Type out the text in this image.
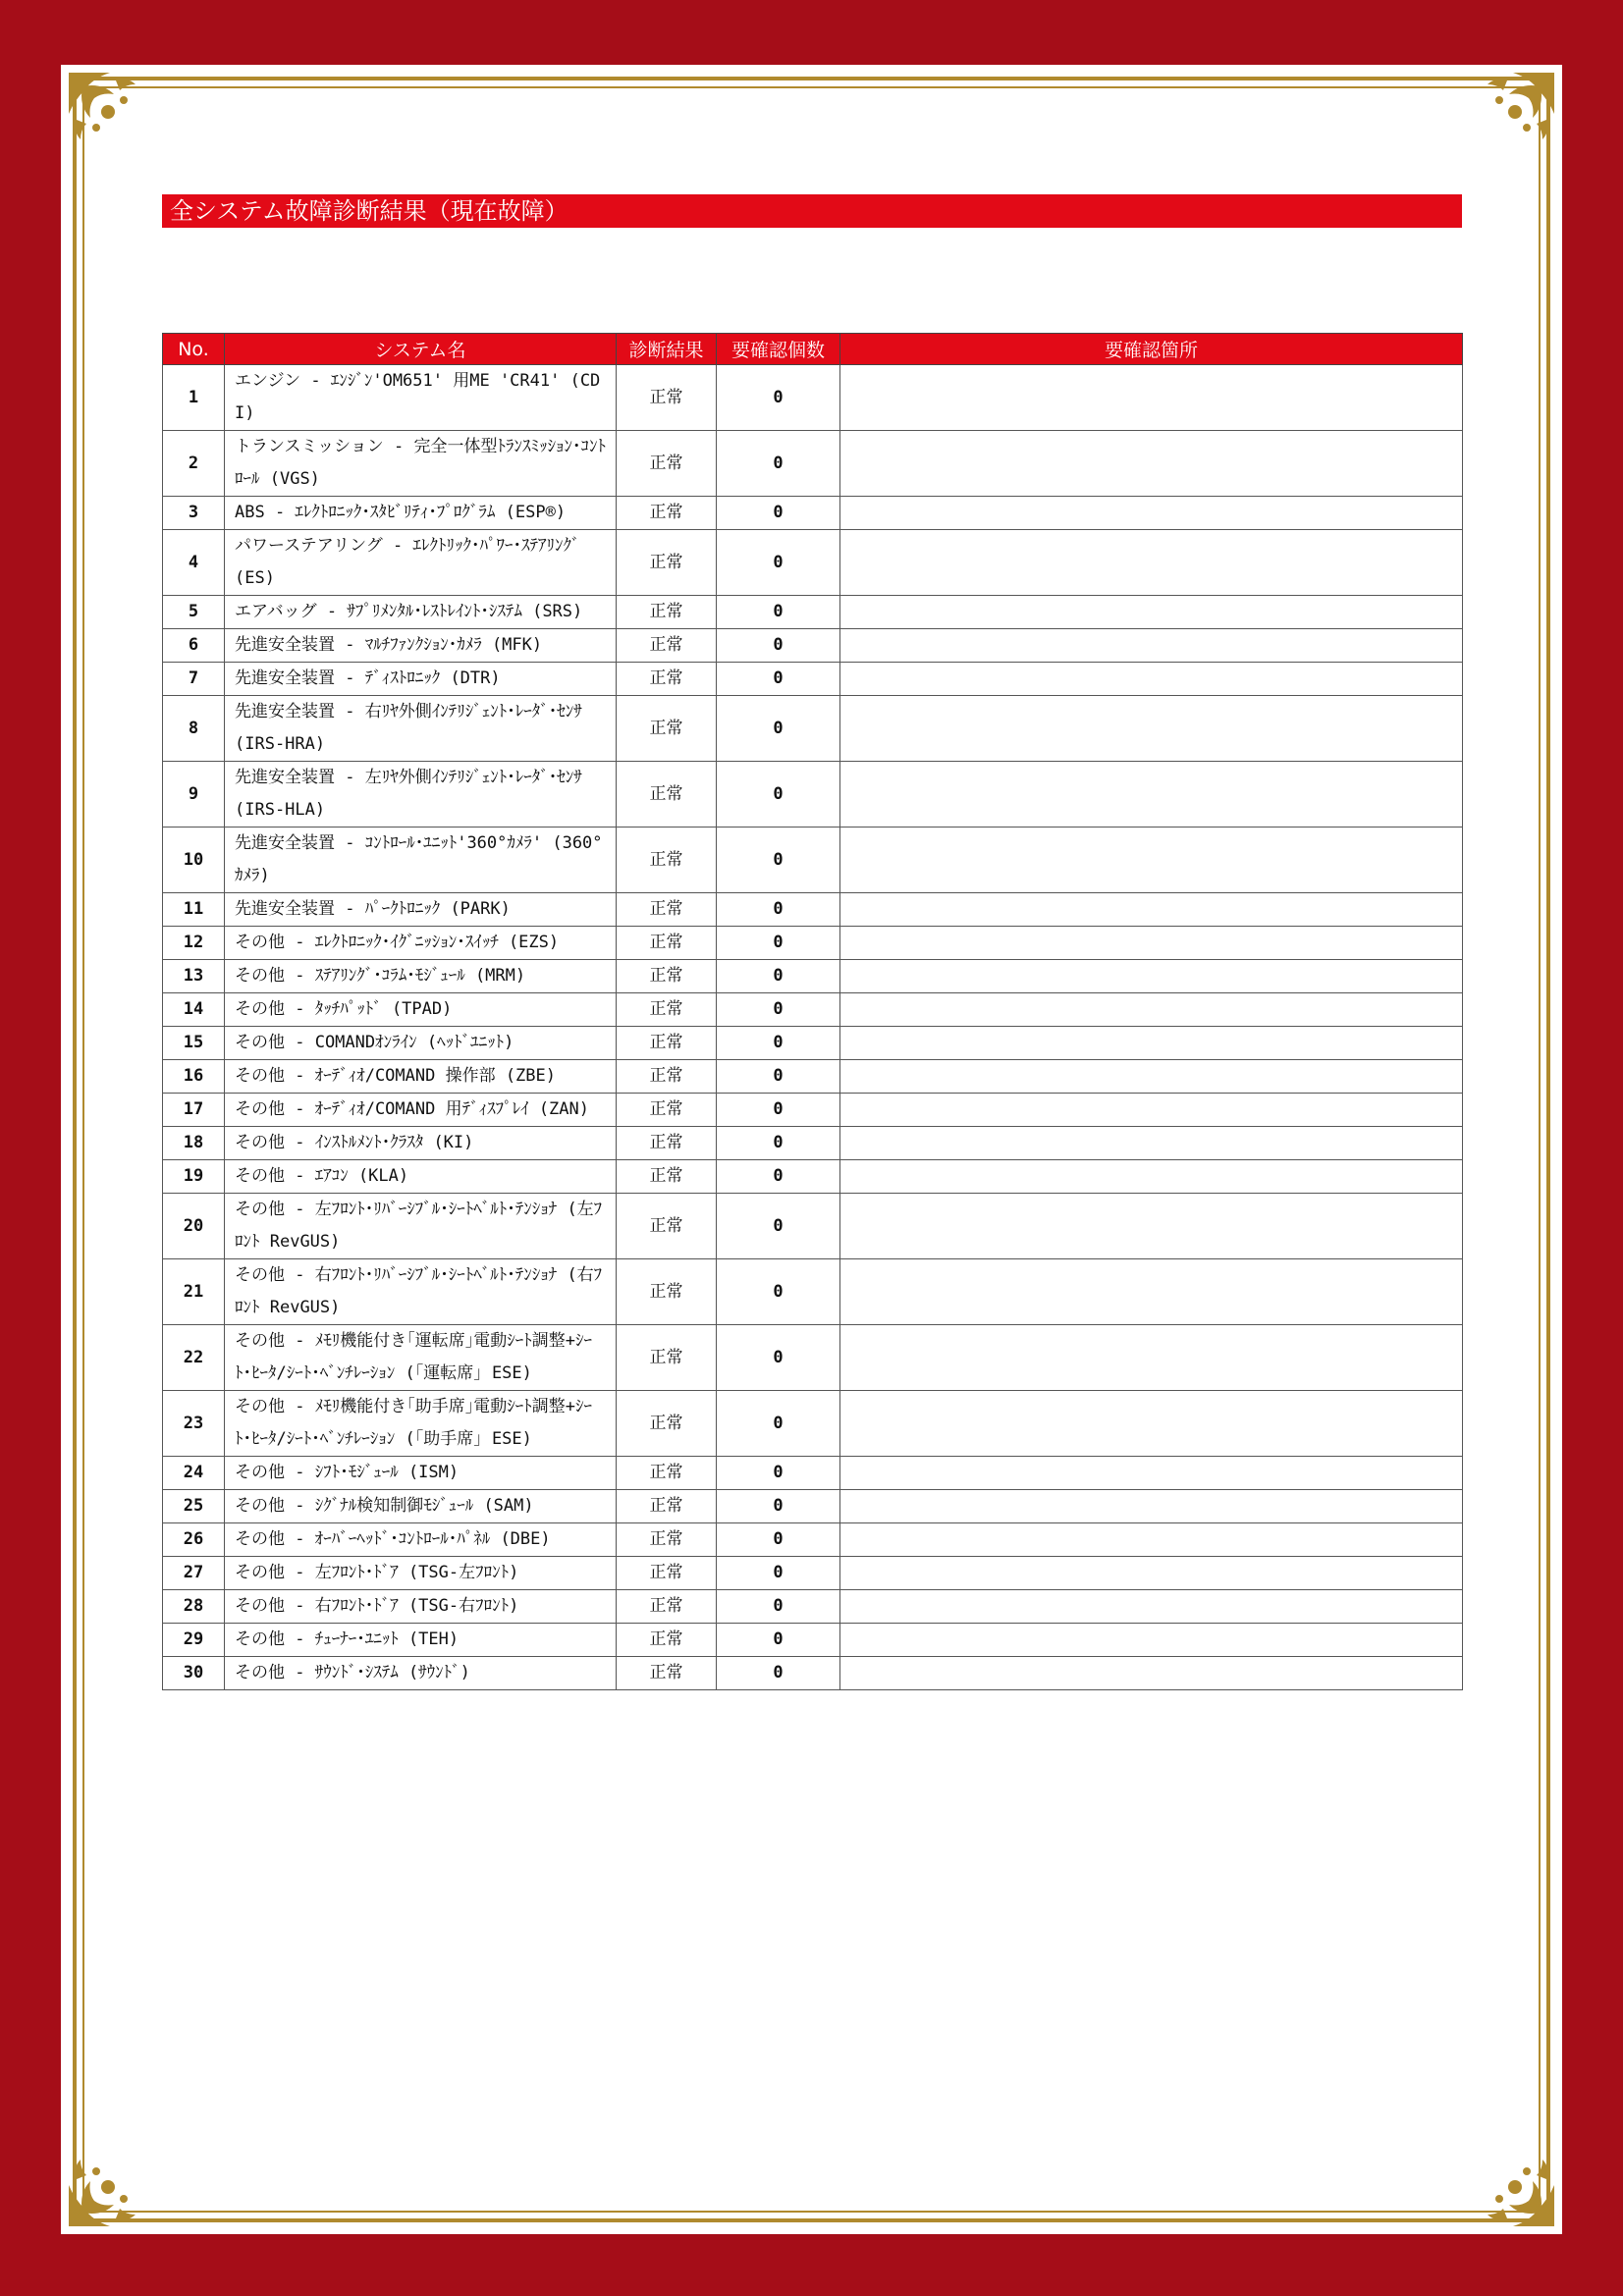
全システム故障診断結果（現在故障）
No.	システム名	診断結果	要確認個数	要確認箇所
1	エンジン - ｴﾝｼﾞﾝ'OM651' 用ME 'CR41' (CDI)	正常	0	
2	トランスミッション - 完全一体型ﾄﾗﾝｽﾐｯｼｮﾝ･ｺﾝﾄﾛｰﾙ (VGS)	正常	0	
3	ABS - ｴﾚｸﾄﾛﾆｯｸ･ｽﾀﾋﾞﾘﾃｨ･ﾌﾟﾛｸﾞﾗﾑ (ESP®)	正常	0	
4	パワーステアリング - ｴﾚｸﾄﾘｯｸ･ﾊﾟﾜｰ･ｽﾃｱﾘﾝｸﾞ (ES)	正常	0	
5	エアバッグ - ｻﾌﾟﾘﾒﾝﾀﾙ･ﾚｽﾄﾚｲﾝﾄ･ｼｽﾃﾑ (SRS)	正常	0	
6	先進安全装置 - ﾏﾙﾁﾌｧﾝｸｼｮﾝ･ｶﾒﾗ (MFK)	正常	0	
7	先進安全装置 - ﾃﾞｨｽﾄﾛﾆｯｸ (DTR)	正常	0	
8	先進安全装置 - 右ﾘﾔ外側ｲﾝﾃﾘｼﾞｪﾝﾄ･ﾚｰﾀﾞ･ｾﾝｻ (IRS-HRA)	正常	0	
9	先進安全装置 - 左ﾘﾔ外側ｲﾝﾃﾘｼﾞｪﾝﾄ･ﾚｰﾀﾞ･ｾﾝｻ (IRS-HLA)	正常	0	
10	先進安全装置 - ｺﾝﾄﾛｰﾙ･ﾕﾆｯﾄ'360°ｶﾒﾗ' (360°ｶﾒﾗ)	正常	0	
11	先進安全装置 - ﾊﾟｰｸﾄﾛﾆｯｸ (PARK)	正常	0	
12	その他 - ｴﾚｸﾄﾛﾆｯｸ･ｲｸﾞﾆｯｼｮﾝ･ｽｲｯﾁ (EZS)	正常	0	
13	その他 - ｽﾃｱﾘﾝｸﾞ･ｺﾗﾑ･ﾓｼﾞｭｰﾙ (MRM)	正常	0	
14	その他 - ﾀｯﾁﾊﾟｯﾄﾞ (TPAD)	正常	0	
15	その他 - COMANDｵﾝﾗｲﾝ (ﾍｯﾄﾞﾕﾆｯﾄ)	正常	0	
16	その他 - ｵｰﾃﾞｨｵ/COMAND 操作部 (ZBE)	正常	0	
17	その他 - ｵｰﾃﾞｨｵ/COMAND 用ﾃﾞｨｽﾌﾟﾚｲ (ZAN)	正常	0	
18	その他 - ｲﾝｽﾄﾙﾒﾝﾄ･ｸﾗｽﾀ (KI)	正常	0	
19	その他 - ｴｱｺﾝ (KLA)	正常	0	
20	その他 - 左ﾌﾛﾝﾄ･ﾘﾊﾞｰｼﾌﾞﾙ･ｼｰﾄﾍﾞﾙﾄ･ﾃﾝｼｮﾅ (左ﾌﾛﾝﾄ RevGUS)	正常	0	
21	その他 - 右ﾌﾛﾝﾄ･ﾘﾊﾞｰｼﾌﾞﾙ･ｼｰﾄﾍﾞﾙﾄ･ﾃﾝｼｮﾅ (右ﾌﾛﾝﾄ RevGUS)	正常	0	
22	その他 - ﾒﾓﾘ機能付き｢運転席｣電動ｼｰﾄ調整+ｼｰﾄ･ﾋｰﾀ/ｼｰﾄ･ﾍﾞﾝﾁﾚｰｼｮﾝ (｢運転席｣ ESE)	正常	0	
23	その他 - ﾒﾓﾘ機能付き｢助手席｣電動ｼｰﾄ調整+ｼｰﾄ･ﾋｰﾀ/ｼｰﾄ･ﾍﾞﾝﾁﾚｰｼｮﾝ (｢助手席｣ ESE)	正常	0	
24	その他 - ｼﾌﾄ･ﾓｼﾞｭｰﾙ (ISM)	正常	0	
25	その他 - ｼｸﾞﾅﾙ検知制御ﾓｼﾞｭｰﾙ (SAM)	正常	0	
26	その他 - ｵｰﾊﾞｰﾍｯﾄﾞ･ｺﾝﾄﾛｰﾙ･ﾊﾟﾈﾙ (DBE)	正常	0	
27	その他 - 左ﾌﾛﾝﾄ･ﾄﾞｱ (TSG-左ﾌﾛﾝﾄ)	正常	0	
28	その他 - 右ﾌﾛﾝﾄ･ﾄﾞｱ (TSG-右ﾌﾛﾝﾄ)	正常	0	
29	その他 - ﾁｭｰﾅｰ･ﾕﾆｯﾄ (TEH)	正常	0	
30	その他 - ｻｳﾝﾄﾞ･ｼｽﾃﾑ (ｻｳﾝﾄﾞ)	正常	0	
